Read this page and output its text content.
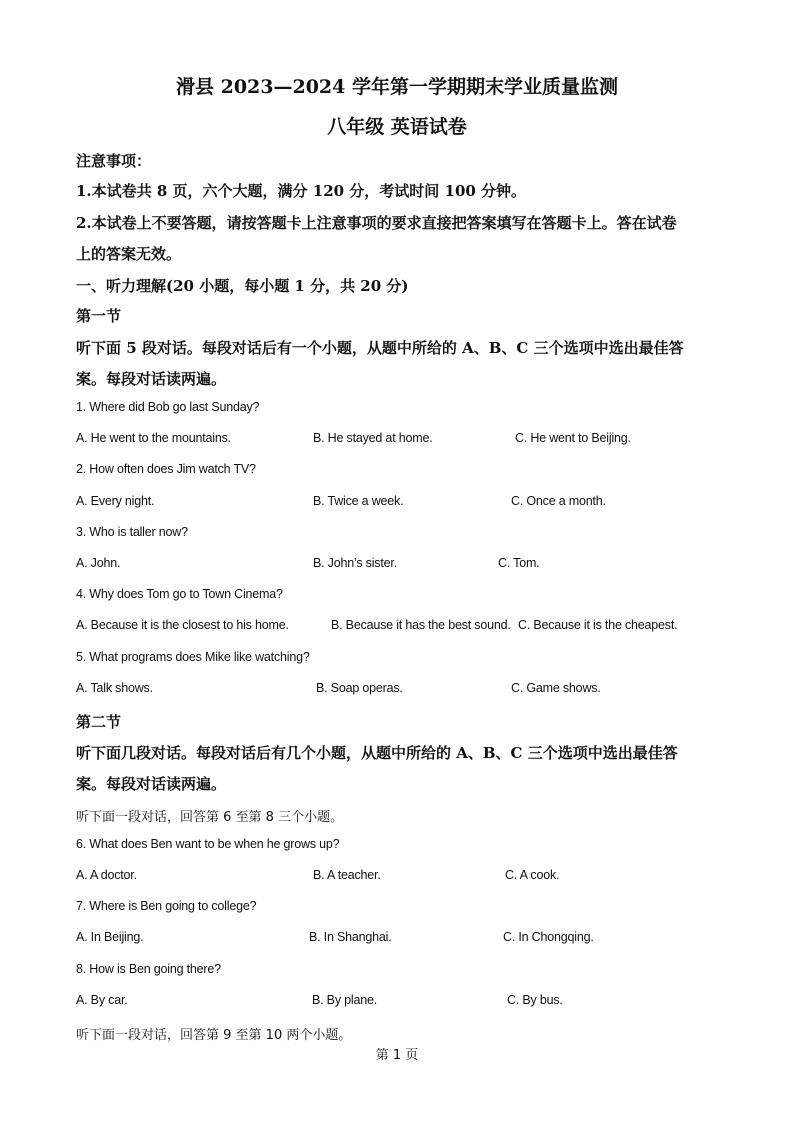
滑县 2023—2024 学年第一学期期末学业质量监测
八年级 英语试卷
注意事项：
1.本试卷共 8 页，六个大题，满分 120 分，考试时间 100 分钟。
2.本试卷上不要答题，请按答题卡上注意事项的要求直接把答案填写在答题卡上。答在试卷
上的答案无效。
一、听力理解(20 小题，每小题 1 分，共 20 分)
第一节
听下面 5 段对话。每段对话后有一个小题，从题中所给的 A、B、C 三个选项中选出最佳答
案。每段对话读两遍。
1. Where did Bob go last Sunday?
A. He went to the mountains.	B. He stayed at home.	C. He went to Beijing.
2. How often does Jim watch TV?
A. Every night.	B. Twice a week.	C. Once a month.
3. Who is taller now?
A. John.	B. John’s sister.	C. Tom.
4. Why does Tom go to Town Cinema?
A. Because it is the closest to his home.	B. Because it has the best sound. C. Because it is the cheapest.
5. What programs does Mike like watching?
A. Talk shows.	B. Soap operas.	C. Game shows.
第二节
听下面几段对话。每段对话后有几个小题，从题中所给的 A、B、C 三个选项中选出最佳答
案。每段对话读两遍。
听下面一段对话，回答第 6 至第 8 三个小题。
6. What does Ben want to be when he grows up?
A. A doctor.	B. A teacher.	C. A cook.
7. Where is Ben going to college?
A. In Beijing.	B. In Shanghai.	C. In Chongqing.
8. How is Ben going there?
A. By car.	B. By plane.	C. By bus.
听下面一段对话，回答第 9 至第 10 两个小题。
第 1 页
